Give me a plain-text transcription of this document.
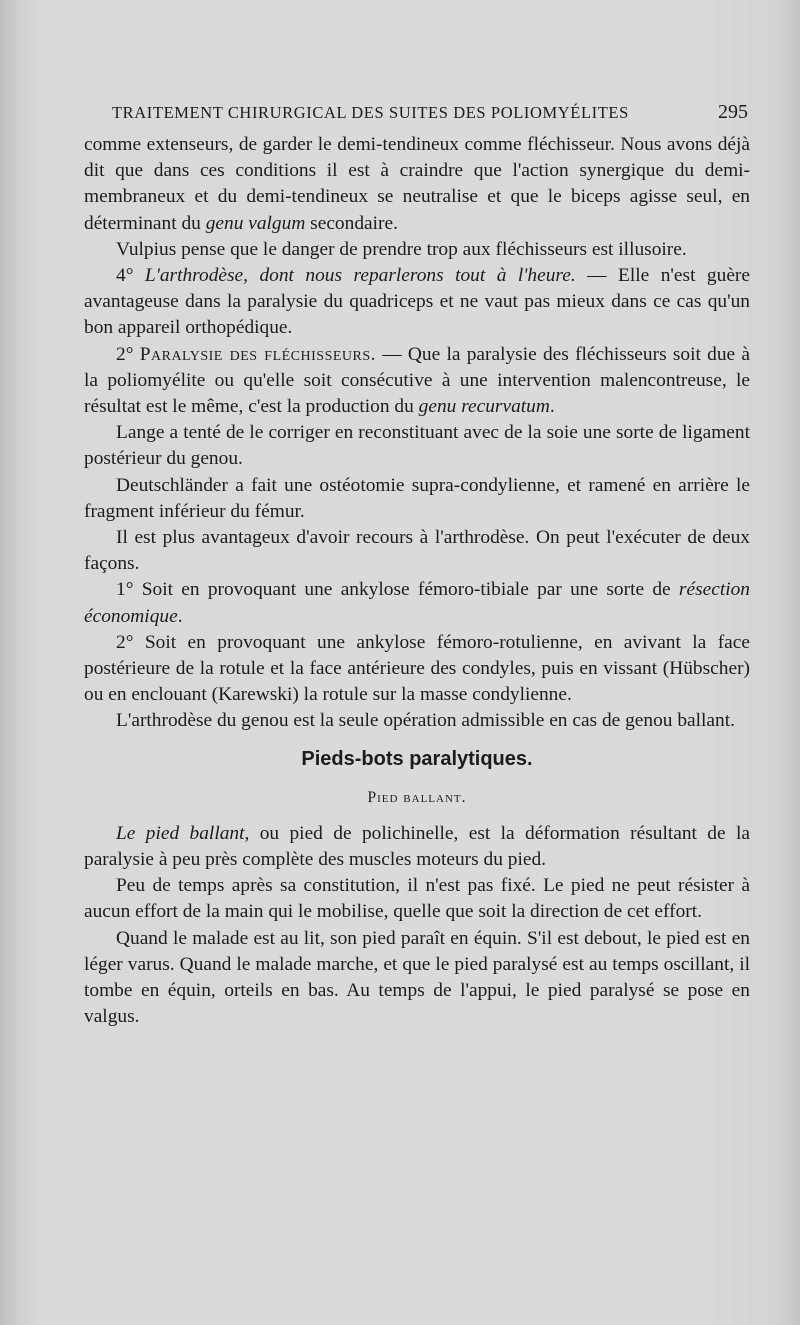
TRAITEMENT CHIRURGICAL DES SUITES DES POLIOMYÉLITES	295

comme extenseurs, de garder le demi-tendineux comme fléchisseur. Nous avons déjà dit que dans ces conditions il est à craindre que l'action synergique du demi-membraneux et du demi-tendineux se neutralise et que le biceps agisse seul, en déterminant du genu valgum secondaire.

Vulpius pense que le danger de prendre trop aux fléchisseurs est illusoire.

4° L'arthrodèse, dont nous reparlerons tout à l'heure. — Elle n'est guère avantageuse dans la paralysie du quadriceps et ne vaut pas mieux dans ce cas qu'un bon appareil orthopédique.

2° Paralysie des fléchisseurs. — Que la paralysie des fléchisseurs soit due à la poliomyélite ou qu'elle soit consécutive à une intervention malencontreuse, le résultat est le même, c'est la production du genu recurvatum.

Lange a tenté de le corriger en reconstituant avec de la soie une sorte de ligament postérieur du genou.

Deutschländer a fait une ostéotomie supra-condylienne, et ramené en arrière le fragment inférieur du fémur.

Il est plus avantageux d'avoir recours à l'arthrodèse. On peut l'exécuter de deux façons.

1° Soit en provoquant une ankylose fémoro-tibiale par une sorte de résection économique.

2° Soit en provoquant une ankylose fémoro-rotulienne, en avivant la face postérieure de la rotule et la face antérieure des condyles, puis en vissant (Hübscher) ou en enclouant (Karewski) la rotule sur la masse condylienne.

L'arthrodèse du genou est la seule opération admissible en cas de genou ballant.

Pieds-bots paralytiques.

Pied ballant.

Le pied ballant, ou pied de polichinelle, est la déformation résultant de la paralysie à peu près complète des muscles moteurs du pied.

Peu de temps après sa constitution, il n'est pas fixé. Le pied ne peut résister à aucun effort de la main qui le mobilise, quelle que soit la direction de cet effort.

Quand le malade est au lit, son pied paraît en équin. S'il est debout, le pied est en léger varus. Quand le malade marche, et que le pied paralysé est au temps oscillant, il tombe en équin, orteils en bas. Au temps de l'appui, le pied paralysé se pose en valgus.
